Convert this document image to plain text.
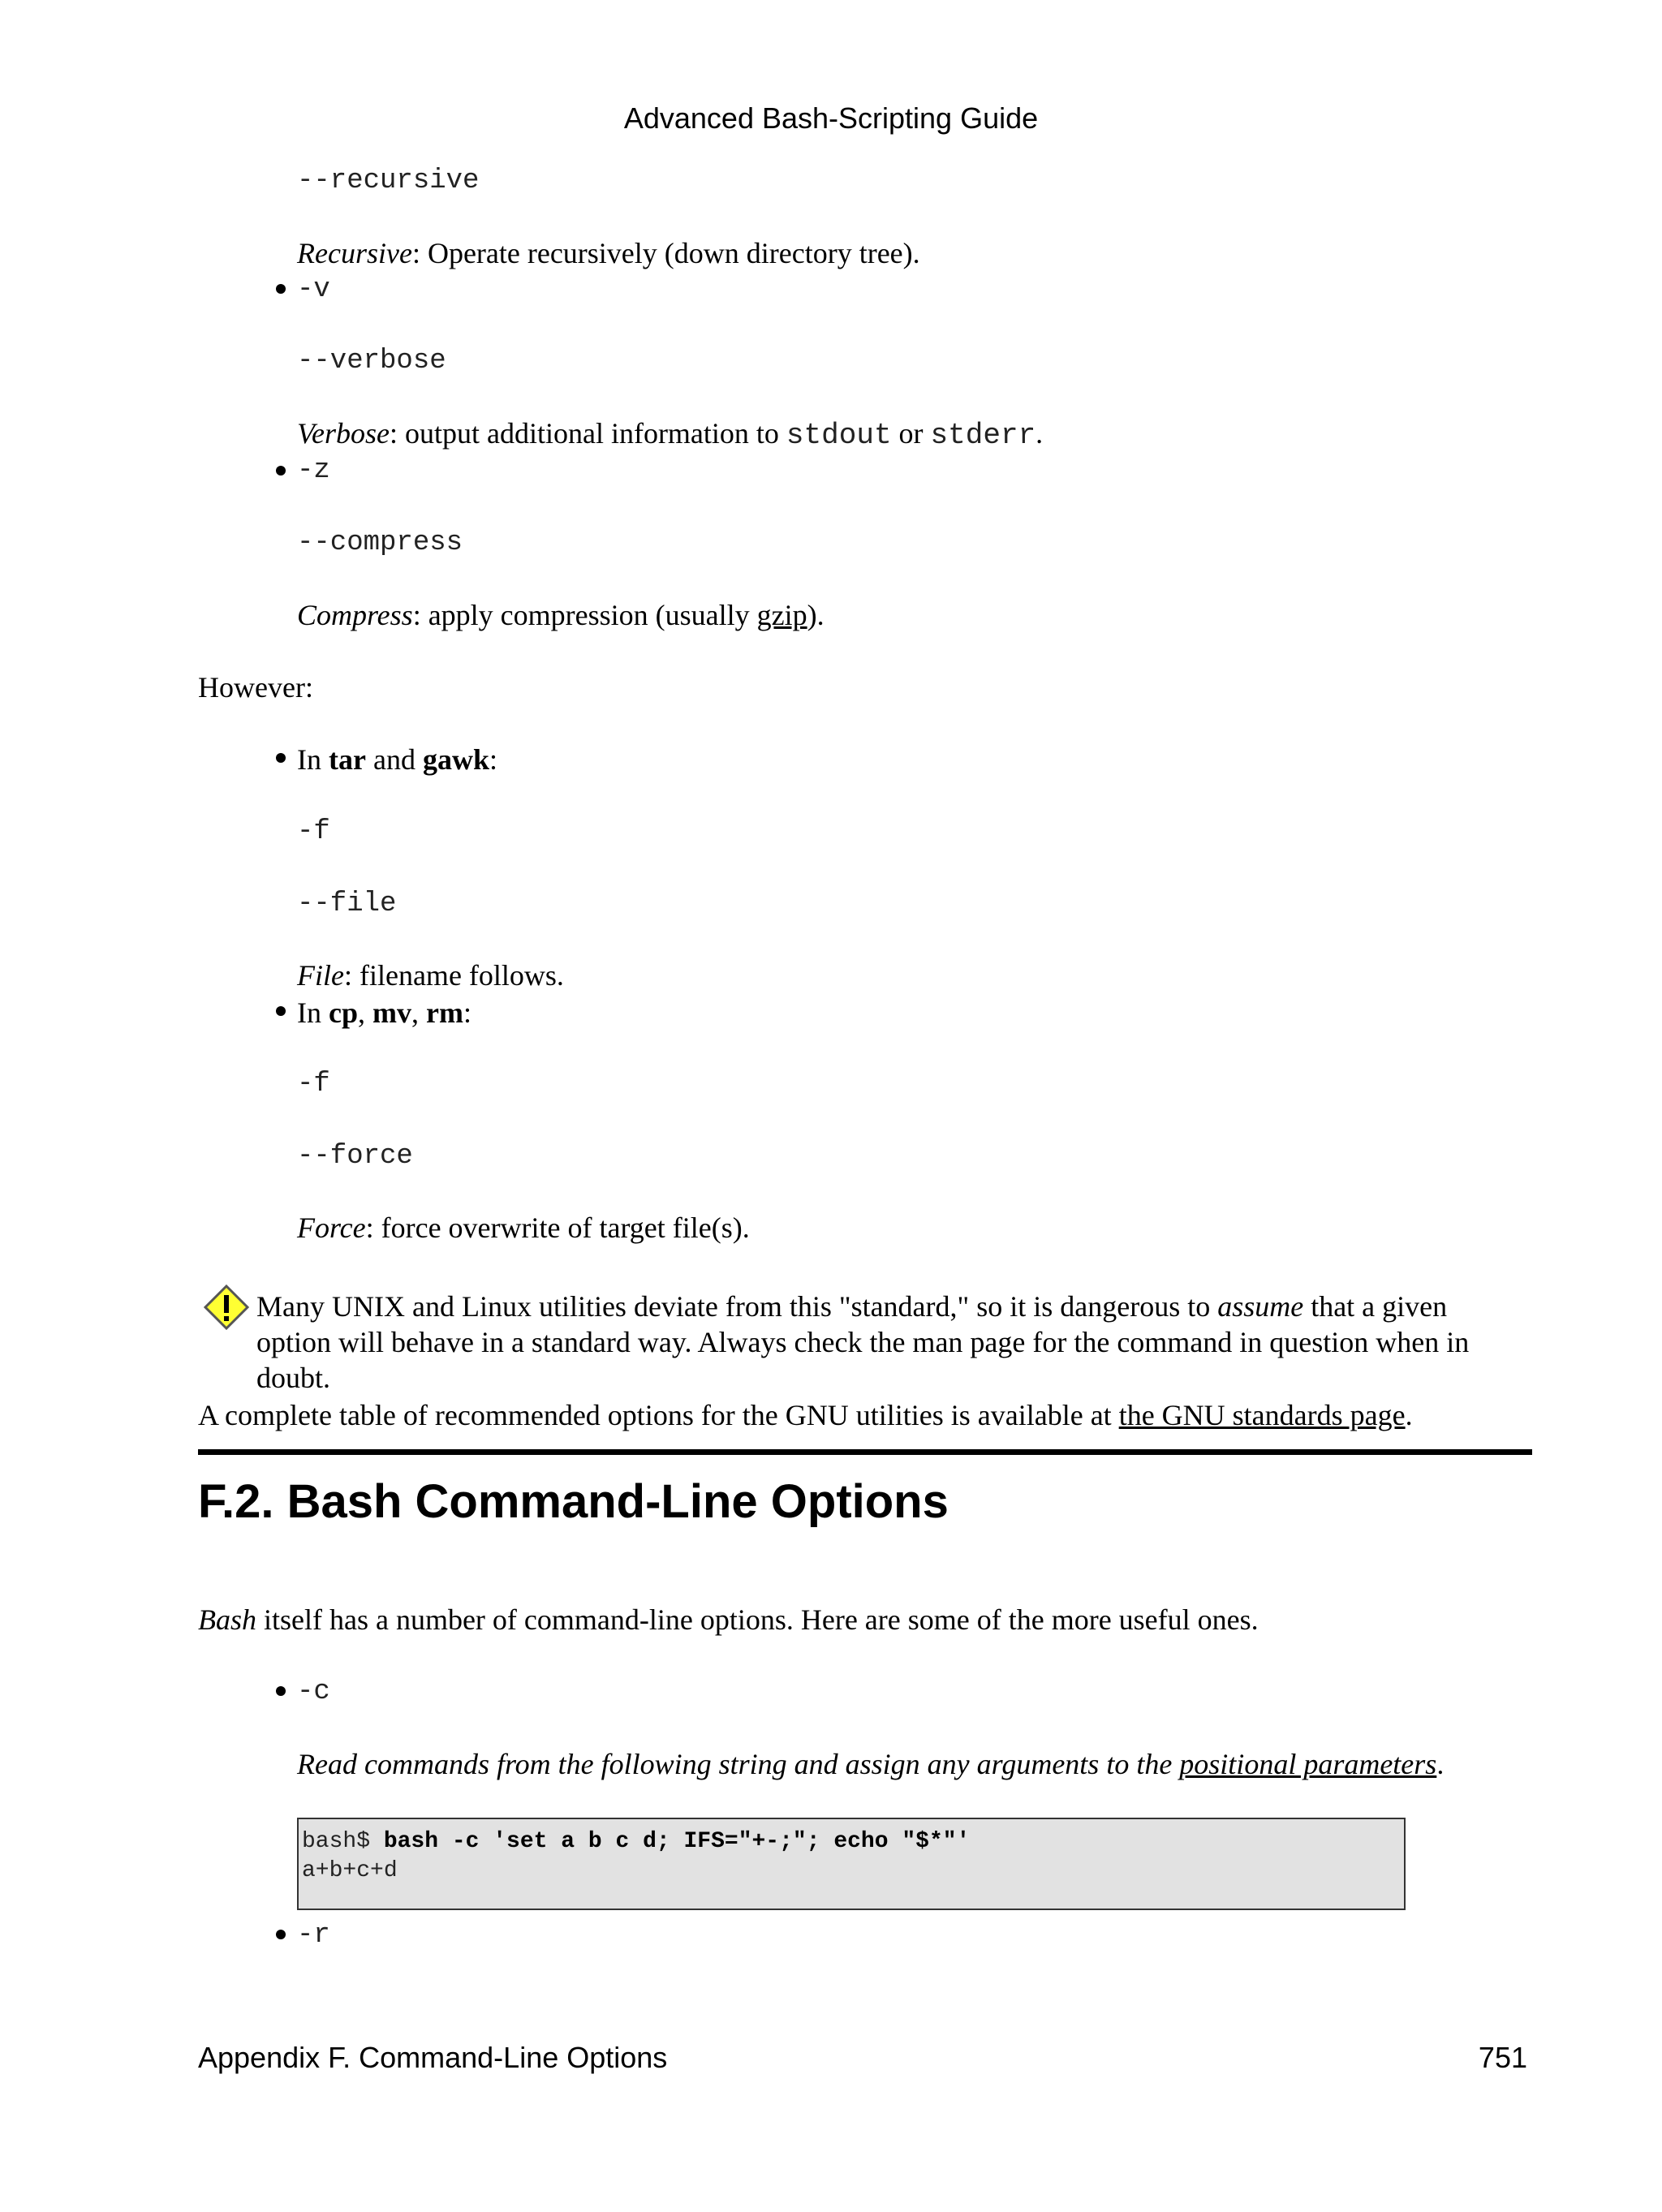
Advanced Bash-Scripting Guide
--recursive
Recursive: Operate recursively (down directory tree).
-v
--verbose
Verbose: output additional information to stdout or stderr.
-z
--compress
Compress: apply compression (usually gzip).
However:
In tar and gawk:
-f
--file
File: filename follows.
In cp, mv, rm:
-f
--force
Force: force overwrite of target file(s).
Many UNIX and Linux utilities deviate from this "standard," so it is dangerous to assume that a given option will behave in a standard way. Always check the man page for the command in question when in doubt.
A complete table of recommended options for the GNU utilities is available at the GNU standards page.
F.2. Bash Command-Line Options
Bash itself has a number of command-line options. Here are some of the more useful ones.
-c
Read commands from the following string and assign any arguments to the positional parameters.
bash$ bash -c 'set a b c d; IFS="+-;"; echo "$*"'
a+b+c+d
-r
Appendix F. Command-Line Options	751
